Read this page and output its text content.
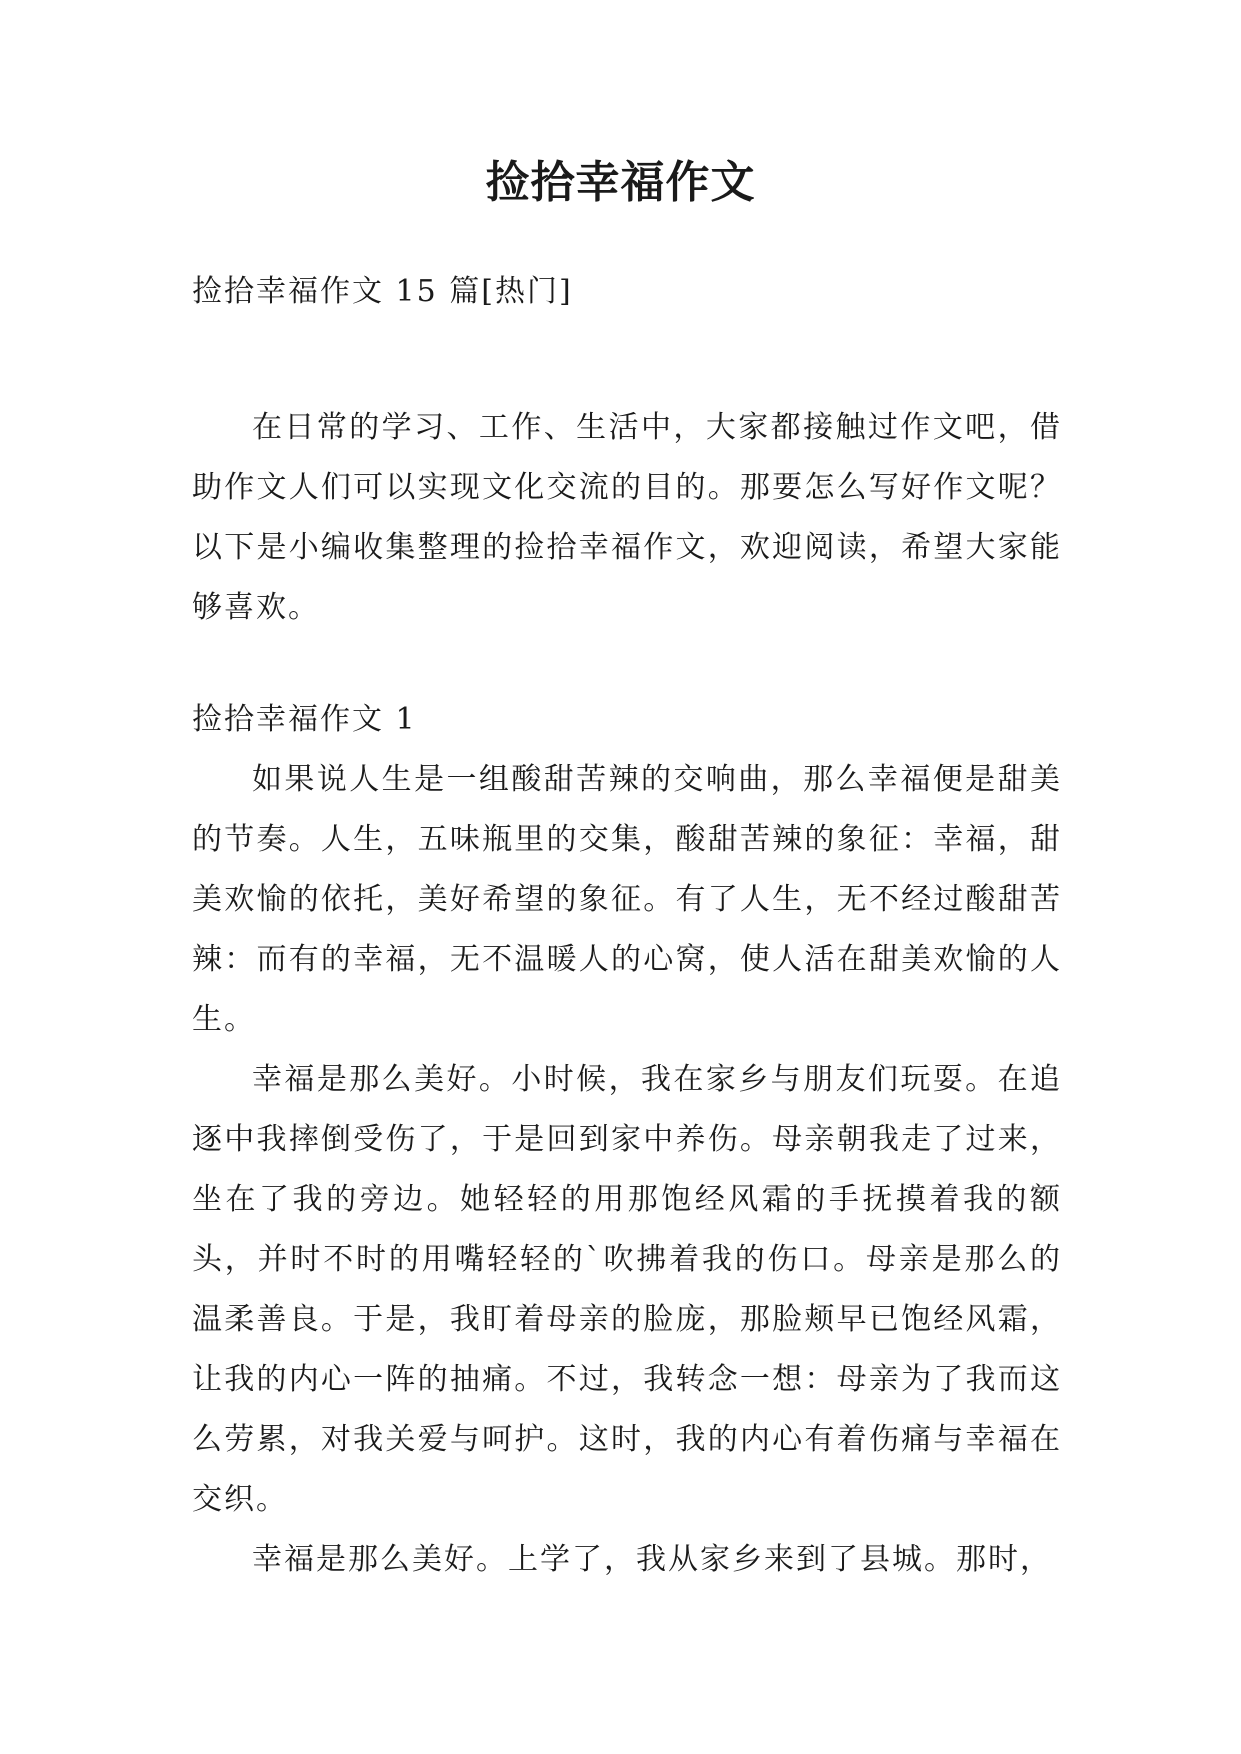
捡拾幸福作文

捡拾幸福作文 15 篇[热门]

在日常的学习、工作、生活中，大家都接触过作文吧，借助作文人们可以实现文化交流的目的。那要怎么写好作文呢？以下是小编收集整理的捡拾幸福作文，欢迎阅读，希望大家能够喜欢。

捡拾幸福作文 1

如果说人生是一组酸甜苦辣的交响曲，那么幸福便是甜美的节奏。人生，五味瓶里的交集，酸甜苦辣的象征：幸福，甜美欢愉的依托，美好希望的象征。有了人生，无不经过酸甜苦辣：而有的幸福，无不温暖人的心窝，使人活在甜美欢愉的人生。

幸福是那么美好。小时候，我在家乡与朋友们玩耍。在追逐中我摔倒受伤了，于是回到家中养伤。母亲朝我走了过来，坐在了我的旁边。她轻轻的用那饱经风霜的手抚摸着我的额头，并时不时的用嘴轻轻的`吹拂着我的伤口。母亲是那么的温柔善良。于是，我盯着母亲的脸庞，那脸颊早已饱经风霜，让我的内心一阵的抽痛。不过，我转念一想：母亲为了我而这么劳累，对我关爱与呵护。这时，我的内心有着伤痛与幸福在交织。

幸福是那么美好。上学了，我从家乡来到了县城。那时，
